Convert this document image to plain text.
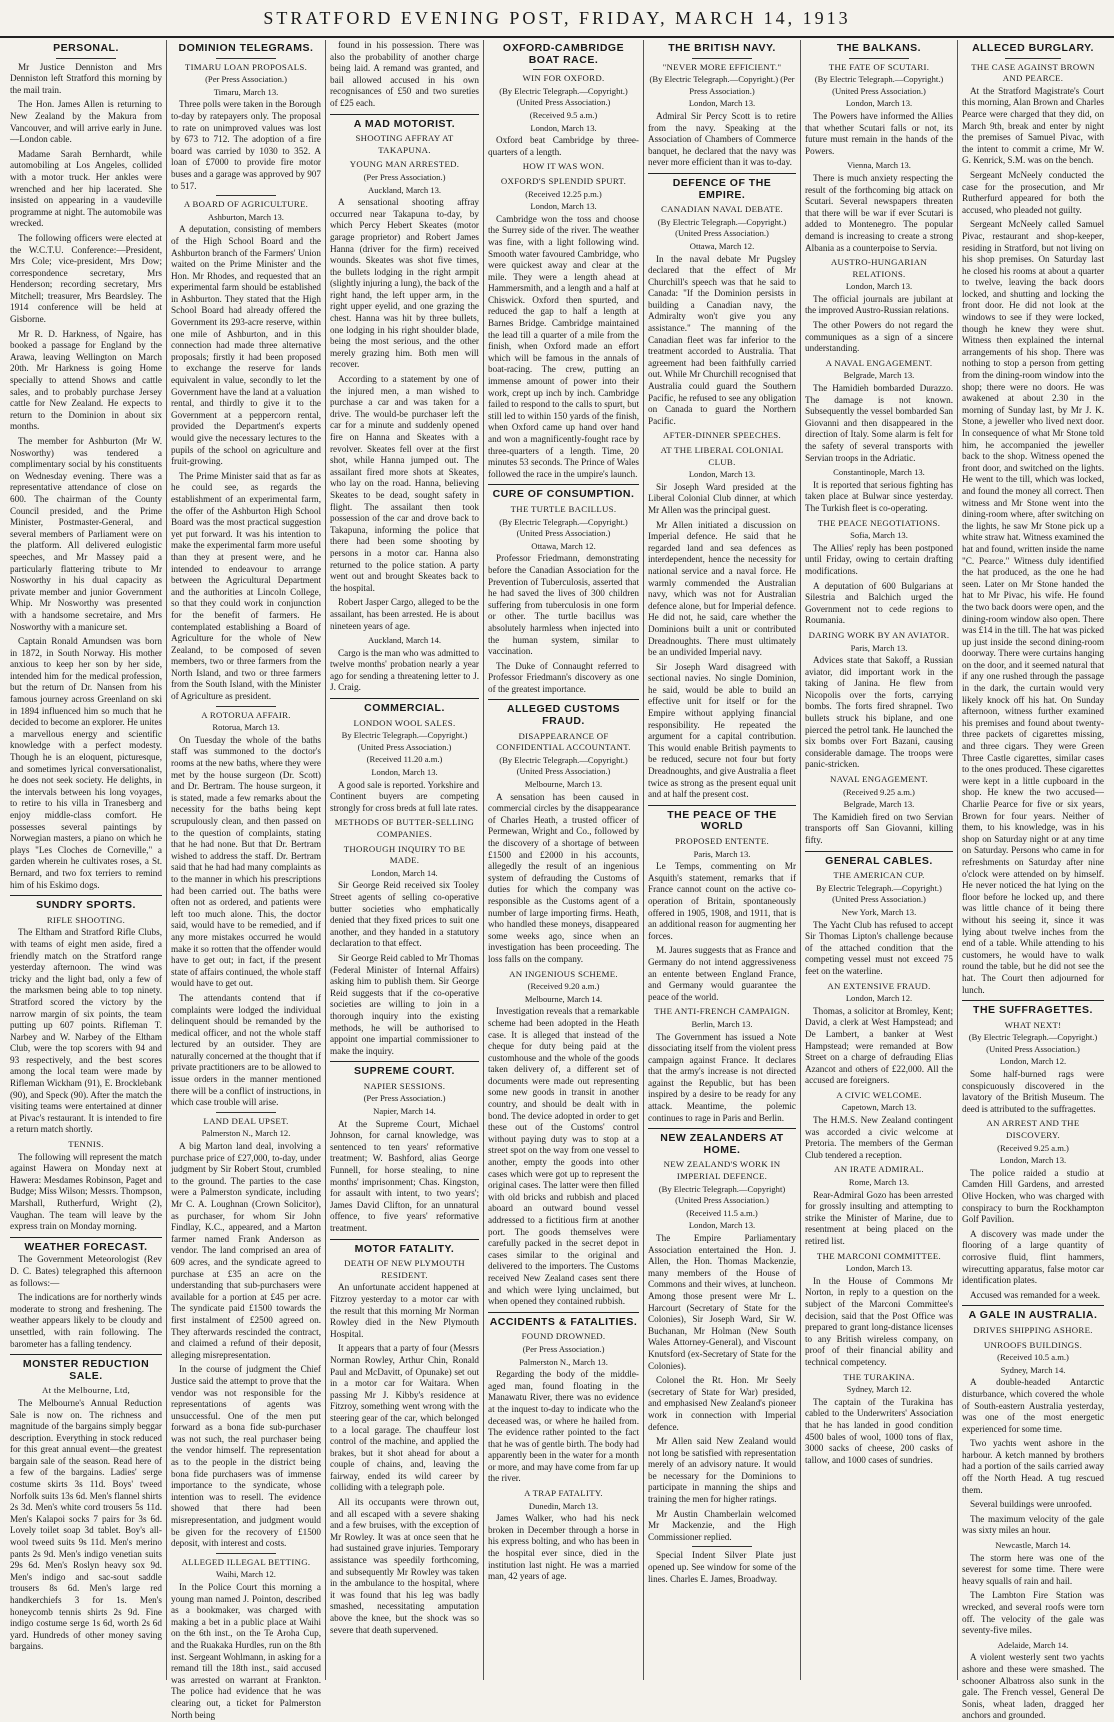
STRATFORD EVENING POST, FRIDAY, MARCH 14, 1913
PERSONAL.

Mr Justice Denniston and Mrs Denniston left Stratford this morning by the mail train.

The Hon. James Allen is returning to New Zealand by the Makura from Vancouver, and will arrive early in June.—London cable.

Madame Sarah Bernhardt, while automobiling at Los Angeles, collided with a motor truck. Her ankles were wrenched and her hip lacerated. She insisted on appearing in a vaudeville programme at night. The automobile was wrecked.

The following officers were elected at the W.C.T.U. Conference:—President, Mrs Cole; vice-president, Mrs Dow; correspondence secretary, Mrs Henderson; recording secretary, Mrs Mitchell; treasurer, Mrs Beardsley. The 1914 conference will be held at Gisborne.

Mr R. D. Harkness, of Ngaire, has booked a passage for England by the Arawa, leaving Wellington on March 20th. Mr Harkness is going Home specially to attend Shows and cattle sales, and to probably purchase Jersey cattle for New Zealand. He expects to return to the Dominion in about six months.

The member for Ashburton (Mr W. Nosworthy) was tendered a complimentary social by his constituents on Wednesday evening. There was a representative attendance of close on 600. The chairman of the County Council presided, and the Prime Minister, Postmaster-General, and several members of Parliament were on the platform. All delivered eulogistic speeches, and Mr Massey paid a particularly flattering tribute to Mr Nosworthy in his dual capacity as private member and junior Government Whip. Mr Nosworthy was presented with a handsome secretaire, and Mrs Nosworthy with a manicure set.

Captain Ronald Amundsen was born in 1872, in South Norway. His mother anxious to keep her son by her side, intended him for the medical profession, but the return of Dr. Nansen from his famous journey across Greenland on ski in 1894 influenced him so much that he decided to become an explorer. He unites a marvellous energy and scientific knowledge with a perfect modesty. Though he is an eloquent, picturesque, and sometimes lyrical conversationalist, he does not seek society. He delights, in the intervals between his long voyages, to retire to his villa in Tranesberg and enjoy middle-class comfort. He possesses several paintings by Norwegian masters, a piano on which he plays "Les Cloches de Corneville," a garden wherein he cultivates roses, a St. Bernard, and two fox terriers to remind him of his Eskimo dogs.

SUNDRY SPORTS.
RIFLE SHOOTING.

The Eltham and Stratford Rifle Clubs, with teams of eight men aside, fired a friendly match on the Stratford range yesterday afternoon. The wind was tricky and the light bad, only a few of the marksmen being able to top ninety. Stratford scored the victory by the narrow margin of six points, the team putting up 607 points. Rifleman T. Narbey and W. Narbey of the Eltham Club, were the top scorers with 94 and 93 respectively, and the best scores among the local team were made by Rifleman Wickham (91), E. Brocklebank (90), and Speck (90). After the match the visiting teams were entertained at dinner at Pivac's restaurant. It is intended to fire a return match shortly.

TENNIS.

The following will represent the match against Hawera on Monday next at Hawera: Mesdames Robinson, Paget and Budge; Miss Wilson; Messrs. Thompson, Marshall, Rutherfurd, Wright (2), Vaughan. The team will leave by the express train on Monday morning.

WEATHER FORECAST.

The Government Meteorologist (Rev D. C. Bates) telegraphed this afternoon as follows:—

The indications are for northerly winds moderate to strong and freshening. The weather appears likely to be cloudy and unsettled, with rain following. The barometer has a falling tendency.

MONSTER REDUCTION SALE.
At the Melbourne, Ltd,

The Melbourne's Annual Reduction Sale is now on. The richness and magnitude of the bargains simply beggar description. Everything in stock reduced for this great annual event—the greatest bargain sale of the season. Read here of a few of the bargains. Ladies' serge costume skirts 3s 11d. Boys' tweed Norfolk suits 13s 6d. Men's flannel shirts 2s 3d. Men's white cord trousers 5s 11d. Men's Kalapoi socks 7 pairs for 3s 6d. Lovely toilet soap 3d tablet. Boy's all-wool tweed suits 9s 11d. Men's merino pants 2s 9d. Men's indigo venetian suits 29s 6d. Men's Roslyn heavy sox 9d. Men's indigo and sac-sout saddle trousers 8s 6d. Men's large red handkerchiefs 3 for 1s. Men's honeycomb tennis shirts 2s 9d. Fine indigo costume serge 1s 6d, worth 2s 6d yard. Hundreds of other money saving bargains.

DOMINION TELEGRAMS.
TIMARU LOAN PROPOSALS.
(Per Press Association.)
Timaru, March 13.

Three polls were taken in the Borough to-day by ratepayers only. The proposal to rate on unimproved values was lost by 673 to 712. The adoption of a fire board was carried by 1030 to 352. A loan of £7000 to provide fire motor buses and a garage was approved by 907 to 517.

A BOARD OF AGRICULTURE.
Ashburton, March 13.

A deputation, consisting of members of the High School Board and the Ashburton branch of the Farmers' Union waited on the Prime Minister and the Hon. Mr Rhodes, and requested that an experimental farm should be established in Ashburton. They stated that the High School Board had already offered the Government its 293-acre reserve, within one mile of Ashburton, and in this connection had made three alternative proposals; firstly it had been proposed to exchange the reserve for lands equivalent in value, secondly to let the Government have the land at a valuation rental, and thirdly to give it to the Government at a peppercorn rental, provided the Department's experts would give the necessary lectures to the pupils of the school on agriculture and fruit-growing.

The Prime Minister said that as far as he could see, as regards the establishment of an experimental farm, the offer of the Ashburton High School Board was the most practical suggestion yet put forward. It was his intention to make the experimental farm more useful than they at present were, and he intended to endeavour to arrange between the Agricultural Department and the authorities at Lincoln College, so that they could work in conjunction for the benefit of farmers. He contemplated establishing a Board of Agriculture for the whole of New Zealand, to be composed of seven members, two or three farmers from the North Island, and two or three farmers from the South Island, with the Minister of Agriculture as president.

A ROTORUA AFFAIR.
Rotorua, March 13.

On Tuesday the whole of the baths staff was summoned to the doctor's rooms at the new baths, where they were met by the house surgeon (Dr. Scott) and Dr. Bertram. The house surgeon, it is stated, made a few remarks about the necessity for the baths being kept scrupulously clean, and then passed on to the question of complaints, stating that he had none. But that Dr. Bertram wished to address the staff. Dr. Bertram said that he had had many complaints as to the manner in which his prescriptions had been carried out. The baths were often not as ordered, and patients were left too much alone. This, the doctor said, would have to be remedied, and if any more mistakes occurred he would make it so rotten that the offender would have to get out; in fact, if the present state of affairs continued, the whole staff would have to get out.

The attendants contend that if complaints were lodged the individual delinquent should be remanded by the medical officer, and not the whole staff lectured by an outsider. They are naturally concerned at the thought that if private practitioners are to be allowed to issue orders in the manner mentioned there will be a conflict of instructions, in which case trouble will arise.

LAND DEAL UPSET.
Palmerston N., March 12.

A big Marton land deal, involving a purchase price of £27,000, to-day, under judgment by Sir Robert Stout, crumbled to the ground. The parties to the case were a Palmerston syndicate, including Mr C. A. Loughnan (Crown Solicitor), as purchaser, for whom Sir John Findlay, K.C., appeared, and a Marton farmer named Frank Anderson as vendor. The land comprised an area of 609 acres, and the syndicate agreed to purchase at £35 an acre on the understanding that sub-purchasers were available for a portion at £45 per acre. The syndicate paid £1500 towards the first instalment of £2500 agreed on. They afterwards rescinded the contract, and claimed a refund of their deposit, alleging misrepresentation.

In the course of judgment the Chief Justice said the attempt to prove that the vendor was not responsible for the representations of agents was unsuccessful. One of the men put forward as a bona fide sub-purchaser was not such, the real purchaser being the vendor himself. The representation as to the people in the district being bona fide purchasers was of immense importance to the syndicate, whose intention was to resell. The evidence showed that there had been misrepresentation, and judgment would be given for the recovery of £1500 deposit, with interest and costs.

ALLEGED ILLEGAL BETTING.
Waihi, March 12.

In the Police Court this morning a young man named J. Pointon, described as a bookmaker, was charged with making a bet in a public place at Waihi on the 6th inst., on the Te Aroha Cup, and the Ruakaka Hurdles, run on the 8th inst. Sergeant Wohlmann, in asking for a remand till the 18th inst., said accused was arrested on warrant at Frankton. The police had evidence that he was clearing out, a ticket for Palmerston North being

found in his possession. There was also the probability of another charge being laid. A remand was granted, and bail allowed accused in his own recognisances of £50 and two sureties of £25 each.

A MAD MOTORIST.
SHOOTING AFFRAY AT TAKAPUNA.
YOUNG MAN ARRESTED.
(Per Press Association.)
Auckland, March 13.

A sensational shooting affray occurred near Takapuna to-day, by which Percy Hebert Skeates (motor garage proprietor) and Robert James Hanna (driver for the firm) received wounds. Skeates was shot five times, the bullets lodging in the right armpit (slightly injuring a lung), the back of the right hand, the left upper arm, in the right upper eyelid, and one grazing the chest. Hanna was hit by three bullets, one lodging in his right shoulder blade, being the most serious, and the other merely grazing him. Both men will recover.

According to a statement by one of the injured men, a man wished to purchase a car and was taken for a drive. The would-be purchaser left the car for a minute and suddenly opened fire on Hanna and Skeates with a revolver. Skeates fell over at the first shot, while Hanna jumped out. The assailant fired more shots at Skeates, who lay on the road. Hanna, believing Skeates to be dead, sought safety in flight. The assailant then took possession of the car and drove back to Takapuna, informing the police that there had been some shooting by persons in a motor car. Hanna also returned to the police station. A party went out and brought Skeates back to the hospital.

Robert Jasper Cargo, alleged to be the assailant, has been arrested. He is about nineteen years of age.

Auckland, March 14.

Cargo is the man who was admitted to twelve months' probation nearly a year ago for sending a threatening letter to J. J. Craig.

COMMERCIAL.
LONDON WOOL SALES.
By Electric Telegraph.—Copyright.) (United Press Association.)
(Received 11.20 a.m.)
London, March 13.

A good sale is reported. Yorkshire and Continent buyers are competing strongly for cross breds at full late rates.

METHODS OF BUTTER-SELLING COMPANIES.
THOROUGH INQUIRY TO BE MADE.
London, March 14.

Sir George Reid received six Tooley Street agents of selling co-operative butter societies who emphatically denied that they fixed prices to suit one another, and they handed in a statutory declaration to that effect.

Sir George Reid cabled to Mr Thomas (Federal Minister of Internal Affairs) asking him to publish them. Sir George Reid suggests that if the co-operative societies are willing to join in a thorough inquiry into the existing methods, he will be authorised to appoint one impartial commissioner to make the inquiry.

SUPREME COURT.
NAPIER SESSIONS.
(Per Press Association.)
Napier, March 14.

At the Supreme Court, Michael Johnson, for carnal knowledge, was sentenced to ten years' reformative treatment; W. Bashford, alias George Funnell, for horse stealing, to nine months' imprisonment; Chas. Kingston, for assault with intent, to two years'; James David Clifton, for an unnatural offence, to five years' reformative treatment.

MOTOR FATALITY.
DEATH OF NEW PLYMOUTH RESIDENT.

An unfortunate accident happened at Fitzroy yesterday to a motor car with the result that this morning Mr Norman Rowley died in the New Plymouth Hospital.

It appears that a party of four (Messrs Norman Rowley, Arthur Chin, Ronald Paul and McDavitt, of Opunake) set out in a motor car for Waitara. When passing Mr J. Kibby's residence at Fitzroy, something went wrong with the steering gear of the car, which belonged to a local garage. The chauffeur lost control of the machine, and applied the brakes, but it shot ahead for about a couple of chains, and, leaving the fairway, ended its wild career by colliding with a telegraph pole.

All its occupants were thrown out, and all escaped with a severe shaking and a few bruises, with the exception of Mr Rowley. It was at once seen that he had sustained grave injuries. Temporary assistance was speedily forthcoming, and subsequently Mr Rowley was taken in the ambulance to the hospital, where it was found that his leg was badly smashed, necessitating amputation above the knee, but the shock was so severe that death supervened.

OXFORD-CAMBRIDGE BOAT RACE.
WIN FOR OXFORD.
(By Electric Telegraph.—Copyright.) (United Press Association.)
(Received 9.5 a.m.)
London, March 13.

Oxford beat Cambridge by three-quarters of a length.

HOW IT WAS WON.
OXFORD'S SPLENDID SPURT.
(Received 12.25 p.m.)
London, March 13.

Cambridge won the toss and choose the Surrey side of the river. The weather was fine, with a light following wind. Smooth water favoured Cambridge, who were quickest away and clear at the mile. They were a length ahead at Hammersmith, and a length and a half at Chiswick. Oxford then spurted, and reduced the gap to half a length at Barnes Bridge. Cambridge maintained the lead till a quarter of a mile from the finish, when Oxford made an effort which will be famous in the annals of boat-racing. The crew, putting an immense amount of power into their work, crept up inch by inch. Cambridge failed to respond to the calls to spurt, but still led to within 150 yards of the finish, when Oxford came up hand over hand and won a magnificently-fought race by three-quarters of a length. Time, 20 minutes 53 seconds. The Prince of Wales followed the race in the umpire's launch.

CURE OF CONSUMPTION.
THE TURTLE BACILLUS.
(By Electric Telegraph.—Copyright.) (United Press Association.)
Ottawa, March 12.

Professor Friedmann, demonstrating before the Canadian Association for the Prevention of Tuberculosis, asserted that he had saved the lives of 300 children suffering from tuberculosis in one form or other. The turtle bacillus was absolutely harmless when injected into the human system, similar to vaccination.

The Duke of Connaught referred to Professor Friedmann's discovery as one of the greatest importance.

ALLEGED CUSTOMS FRAUD.
DISAPPEARANCE OF CONFIDENTIAL ACCOUNTANT.
(By Electric Telegraph.—Copyright.) (United Press Association.)
Melbourne, March 13.

A sensation has been caused in commercial circles by the disappearance of Charles Heath, a trusted officer of Permewan, Wright and Co., followed by the discovery of a shortage of between £1500 and £2000 in his accounts, allegedly the result of an ingenious system of defrauding the Customs of duties for which the company was responsible as the Customs agent of a number of large importing firms. Heath, who handled these moneys, disappeared some weeks ago, since when an investigation has been proceeding. The loss falls on the company.

AN INGENIOUS SCHEME.
(Received 9.20 a.m.)
Melbourne, March 14.

Investigation reveals that a remarkable scheme had been adopted in the Heath case. It is alleged that instead of the cheque for duty being paid at the customhouse and the whole of the goods taken delivery of, a different set of documents were made out representing some new goods in transit in another country, and should be dealt with in bond. The device adopted in order to get these out of the Customs' control without paying duty was to stop at a street spot on the way from one vessel to another, empty the goods into other cases which were got up to represent the original cases. The latter were then filled with old bricks and rubbish and placed aboard an outward bound vessel addressed to a fictitious firm at another port. The goods themselves were carefully packed in the secret depot in cases similar to the original and delivered to the importers. The Customs received New Zealand cases sent there and which were lying unclaimed, but when opened they contained rubbish.

ACCIDENTS & FATALITIES.
FOUND DROWNED.
(Per Press Association.)
Palmerston N., March 13.

Regarding the body of the middle-aged man, found floating in the Manawatu River, there was no evidence at the inquest to-day to indicate who the deceased was, or where he hailed from. The evidence rather pointed to the fact that he was of gentle birth. The body had apparently been in the water for a month or more, and may have come from far up the river.

A TRAP FATALITY.
Dunedin, March 13.

James Walker, who had his neck broken in December through a horse in his express bolting, and who has been in the hospital ever since, died in the institution last night. He was a married man, 42 years of age.

THE BRITISH NAVY.
"NEVER MORE EFFICIENT."
(By Electric Telegraph.—Copyright.) (Per Press Association.)
London, March 13.

Admiral Sir Percy Scott is to retire from the navy. Speaking at the Association of Chambers of Commerce banquet, he declared that the navy was never more efficient than it was to-day.

DEFENCE OF THE EMPIRE.
CANADIAN NAVAL DEBATE.
(By Electric Telegraph.—Copyright.) (United Press Association.)
Ottawa, March 12.

In the naval debate Mr Pugsley declared that the effect of Mr Churchill's speech was that he said to Canada: "If the Dominion persists in building a Canadian navy, the Admiralty won't give you any assistance." The manning of the Canadian fleet was far inferior to the treatment accorded to Australia. That agreement had been faithfully carried out. While Mr Churchill recognised that Australia could guard the Southern Pacific, he refused to see any obligation on Canada to guard the Northern Pacific.

AFTER-DINNER SPEECHES.
AT THE LIBERAL COLONIAL CLUB.
London, March 13.

Sir Joseph Ward presided at the Liberal Colonial Club dinner, at which Mr Allen was the principal guest.

Mr Allen initiated a discussion on Imperial defence. He said that he regarded land and sea defences as interdependent, hence the necessity for national service and a naval force. He warmly commended the Australian navy, which was not for Australian defence alone, but for Imperial defence. He did not, he said, care whether the Dominions built a unit or contributed Dreadnoughts. There must ultimately be an undivided Imperial navy.

Sir Joseph Ward disagreed with sectional navies. No single Dominion, he said, would be able to build an effective unit for itself or for the Empire without applying financial responsibility. He repeated the argument for a capital contribution. This would enable British payments to be reduced, secure not four but forty Dreadnoughts, and give Australia a fleet twice as strong as the present equal unit and at half the present cost.

THE PEACE OF THE WORLD
PROPOSED ENTENTE.
Paris, March 13.

Le Temps, commenting on Mr Asquith's statement, remarks that if France cannot count on the active co-operation of Britain, spontaneously offered in 1905, 1908, and 1911, that is an additional reason for augmenting her forces.

M. Jaures suggests that as France and Germany do not intend aggressiveness an entente between England France, and Germany would guarantee the peace of the world.

THE ANTI-FRENCH CAMPAIGN.
Berlin, March 13.

The Government has issued a Note dissociating itself from the violent press campaign against France. It declares that the army's increase is not directed against the Republic, but has been inspired by a desire to be ready for any attack. Meantime, the polemic continues to rage in Paris and Berlin.

NEW ZEALANDERS AT HOME.
NEW ZEALAND'S WORK IN IMPERIAL DEFENCE.
(By Electric Telegraph.—Copyright) (United Press Association.)
(Received 11.5 a.m.)
London, March 13.

The Empire Parliamentary Association entertained the Hon. J. Allen, the Hon. Thomas Mackenzie, many members of the House of Commons and their wives, at luncheon. Among those present were Mr L. Harcourt (Secretary of State for the Colonies), Sir Joseph Ward, Sir W. Buchanan, Mr Holman (New South Wales Attorney-General), and Viscount Knutsford (ex-Secretary of State for the Colonies).

Colonel the Rt. Hon. Mr Seely (secretary of State for War) presided, and emphasised New Zealand's pioneer work in connection with Imperial defence.

Mr Allen said New Zealand would not long be satisfied with representation merely of an advisory nature. It would be necessary for the Dominions to participate in manning the ships and training the men for higher ratings.

Mr Austin Chamberlain welcomed Mr Mackenzie, and the High Commissioner replied.

Special Indent Silver Plate just opened up. See window for some of the lines. Charles E. James, Broadway.

THE BALKANS.
THE FATE OF SCUTARI.
(By Electric Telegraph.—Copyright.) (United Press Association.)
London, March 13.

The Powers have informed the Allies that whether Scutari falls or not, its future must remain in the hands of the Powers.

Vienna, March 13.

There is much anxiety respecting the result of the forthcoming big attack on Scutari. Several newspapers threaten that there will be war if ever Scutari is added to Montenegro. The popular demand is increasing to create a strong Albania as a counterpoise to Servia.

AUSTRO-HUNGARIAN RELATIONS.
London, March 13.

The official journals are jubilant at the improved Austro-Russian relations.

The other Powers do not regard the communiques as a sign of a sincere understanding.

A NAVAL ENGAGEMENT.
Belgrade, March 13.

The Hamidieh bombarded Durazzo. The damage is not known. Subsequently the vessel bombarded San Giovanni and then disappeared in the direction of Italy. Some alarm is felt for the safety of several transports with Servian troops in the Adriatic.

Constantinople, March 13.

It is reported that serious fighting has taken place at Bulwar since yesterday. The Turkish fleet is co-operating.

THE PEACE NEGOTIATIONS.
Sofia, March 13.

The Allies' reply has been postponed until Friday, owing to certain drafting modifications.

A deputation of 600 Bulgarians at Silestria and Balchich urged the Government not to cede regions to Roumania.

DARING WORK BY AN AVIATOR.
Paris, March 13.

Advices state that Sakoff, a Russian aviator, did important work in the taking of Janina. He flew from Nicopolis over the forts, carrying bombs. The forts fired shrapnel. Two bullets struck his biplane, and one pierced the petrol tank. He launched the six bombs over Fort Bazani, causing considerable damage. The troops were panic-stricken.

NAVAL ENGAGEMENT.
(Received 9.25 a.m.)
Belgrade, March 13.

The Kamidieh fired on two Servian transports off San Giovanni, killing fifty.

GENERAL CABLES.
THE AMERICAN CUP.
By Electric Telegraph.—Copyright.) (United Press Association.)
New York, March 13.

The Yacht Club has refused to accept Sir Thomas Lipton's challenge because of the attached condition that the competing vessel must not exceed 75 feet on the waterline.

AN EXTENSIVE FRAUD.
London, March 12.

Thomas, a solicitor at Bromley, Kent; David, a clerk at West Hampstead; and De Lambert, a banker at West Hampstead; were remanded at Bow Street on a charge of defrauding Elias Azancot and others of £22,000. All the accused are foreigners.

A CIVIC WELCOME.
Capetown, March 13.

The H.M.S. New Zealand contingent was accorded a civic welcome at Pretoria. The members of the German Club tendered a reception.

AN IRATE ADMIRAL.
Rome, March 13.

Rear-Admiral Gozo has been arrested for grossly insulting and attempting to strike the Minister of Marine, due to resentment at being placed on the retired list.

THE MARCONI COMMITTEE.
London, March 13.

In the House of Commons Mr Norton, in reply to a question on the subject of the Marconi Committee's decision, said that the Post Office was prepared to grant long-distance licenses to any British wireless company, on proof of their financial ability and technical competency.

THE TURAKINA.
Sydney, March 12.

The captain of the Turakina has cabled to the Underwriters' Association that he has landed in good condition 4500 bales of wool, 1000 tons of flax, 3000 sacks of cheese, 200 casks of tallow, and 1000 cases of sundries.

ALLECED BURGLARY.
THE CASE AGAINST BROWN AND PEARCE.

At the Stratford Magistrate's Court this morning, Alan Brown and Charles Pearce were charged that they did, on March 9th, break and enter by night the premises of Samuel Pivac, with the intent to commit a crime, Mr W. G. Kenrick, S.M. was on the bench.

Sergeant McNeely conducted the case for the prosecution, and Mr Rutherfurd appeared for both the accused, who pleaded not guilty.

Sergeant McNeely called Samuel Pivac, restaurant and shop-keeper, residing in Stratford, but not living on his shop premises. On Saturday last he closed his rooms at about a quarter to twelve, leaving the back doors locked, and shutting and locking the front door. He did not look at the windows to see if they were locked, though he knew they were shut. Witness then explained the internal arrangements of his shop. There was nothing to stop a person from getting from the dining-room window into the shop; there were no doors. He was awakened at about 2.30 in the morning of Sunday last, by Mr J. K. Stone, a jeweller who lived next door. In consequence of what Mr Stone told him, he accompanied the jeweller back to the shop. Witness opened the front door, and switched on the lights. He went to the till, which was locked, and found the money all correct. Then witness and Mr Stone went into the dining-room where, after switching on the lights, he saw Mr Stone pick up a white straw hat. Witness examined the hat and found, written inside the name "C. Pearce." Witness duly identified the hat produced, as the one he had seen. Later on Mr Stone handed the hat to Mr Pivac, his wife. He found the two back doors were open, and the dining-room window also open. There was £14 in the till. The hat was picked up just inside the second dining-room doorway. There were curtains hanging on the door, and it seemed natural that if any one rushed through the passage in the dark, the curtain would very likely knock off his hat. On Sunday afternoon, witness further examined his premises and found about twenty-three packets of cigarettes missing, and three cigars. They were Green Three Castle cigarettes, similar cases to the ones produced. These cigarettes were kept in a little cupboard in the shop. He knew the two accused—Charlie Pearce for five or six years, Brown for four years. Neither of them, to his knowledge, was in his shop on Saturday night or at any time on Saturday. Persons who came in for refreshments on Saturday after nine o'clock were attended on by himself. He never noticed the hat lying on the floor before he locked up, and there was little chance of it being there without his seeing it, since it was lying about twelve inches from the end of a table. While attending to his customers, he would have to walk round the table, but he did not see the hat. The Court then adjourned for lunch.

THE SUFFRAGETTES.
WHAT NEXT!
(By Electric Telegraph.—Copyright.) (United Press Association.)
London, March 12.

Some half-burned rags were conspicuously discovered in the lavatory of the British Museum. The deed is attributed to the suffragettes.

AN ARREST AND THE DISCOVERY.
(Received 9.25 a.m.)
London, March 13.

The police raided a studio at Camden Hill Gardens, and arrested Olive Hocken, who was charged with conspiracy to burn the Rockhampton Golf Pavilion.

A discovery was made under the flooring of a large quantity of corrosive fluid, flint hammers, wirecutting apparatus, false motor car identification plates.

Accused was remanded for a week.

A GALE IN AUSTRALIA.
DRIVES SHIPPING ASHORE.
UNROOFS BUILDINGS.
(Received 10.5 a.m.)
Sydney, March 14.

A double-headed Antarctic disturbance, which covered the whole of South-eastern Australia yesterday, was one of the most energetic experienced for some time.

Two yachts went ashore in the harbour. A ketch manned by brothers had a portion of the sails carried away off the North Head. A tug rescued them.

Several buildings were unroofed.

The maximum velocity of the gale was sixty miles an hour.

Newcastle, March 14.

The storm here was one of the severest for some time. There were heavy squalls of rain and hail.

The Lambton Fire Station was wrecked, and several roofs were torn off. The velocity of the gale was seventy-five miles.

Adelaide, March 14.

A violent westerly sent two yachts ashore and these were smashed. The schooner Albatross also sunk in the gale. The French vessel, General De Sonis, wheat laden, dragged her anchors and grounded.
